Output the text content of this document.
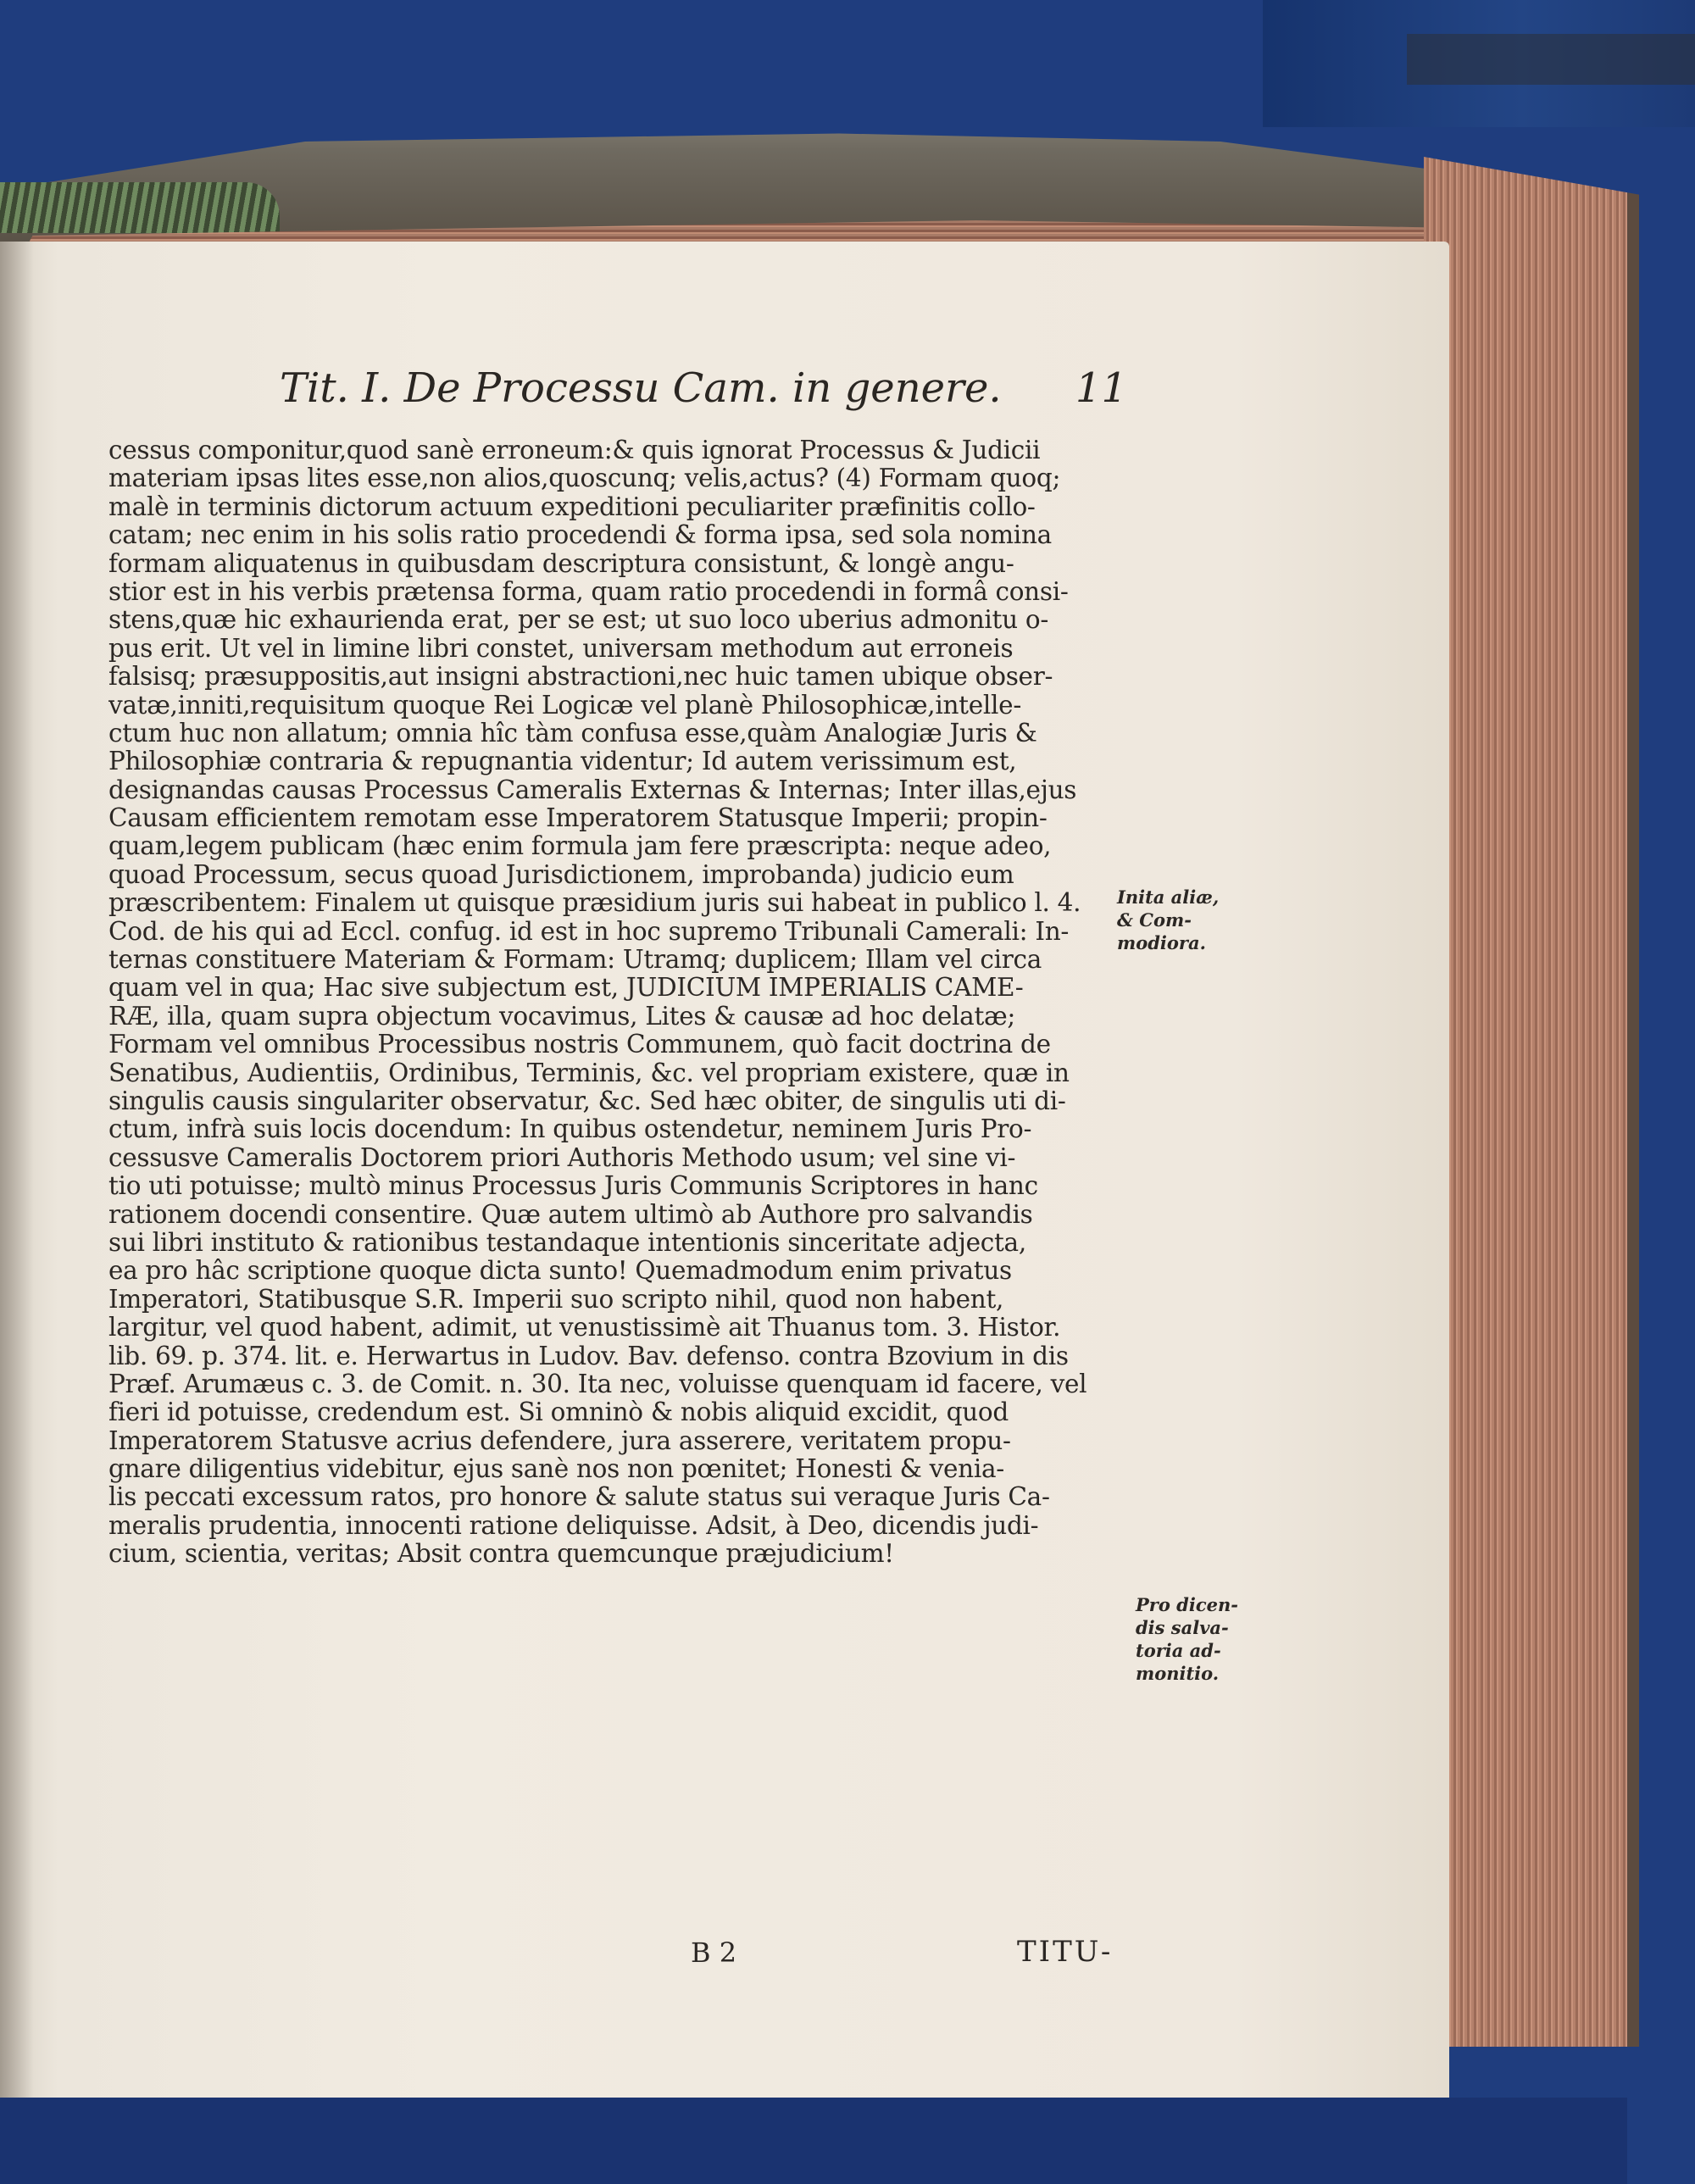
Tit. I. De Processu Cam. in genere. 11
cessus componitur,quod sanè erroneum:& quis ignorat Processus & Judicii
materiam ipsas lites esse,non alios,quoscunq; velis,actus? (4) Formam quoq;
malè in terminis dictorum actuum expeditioni peculiariter præfinitis collo-
catam; nec enim in his solis ratio procedendi & forma ipsa, sed sola nomina
formam aliquatenus in quibusdam descriptura consistunt, & longè angu-
stior est in his verbis prætensa forma, quam ratio procedendi in formâ consi-
stens,quæ hic exhaurienda erat, per se est; ut suo loco uberius admonitu o-
pus erit. Ut vel in limine libri constet, universam methodum aut erroneis
falsisq; præsuppositis,aut insigni abstractioni,nec huic tamen ubique obser-
vatæ,inniti,requisitum quoque Rei Logicæ vel planè Philosophicæ,intelle-
ctum huc non allatum; omnia hîc tàm confusa esse,quàm Analogiæ Juris &
Philosophiæ contraria & repugnantia videntur; Id autem verissimum est,
designandas causas Processus Cameralis Externas & Internas; Inter illas,ejus
Causam efficientem remotam esse Imperatorem Statusque Imperii; propin-
quam,legem publicam (hæc enim formula jam fere præscripta: neque adeo,
quoad Processum, secus quoad Jurisdictionem, improbanda) judicio eum
præscribentem: Finalem ut quisque præsidium juris sui habeat in publico l. 4.
Cod. de his qui ad Eccl. confug. id est in hoc supremo Tribunali Camerali: In-
ternas constituere Materiam & Formam: Utramq; duplicem; Illam vel circa
quam vel in qua; Hac sive subjectum est, JUDICIUM IMPERIALIS CAME-
RÆ, illa, quam supra objectum vocavimus, Lites & causæ ad hoc delatæ;
Formam vel omnibus Processibus nostris Communem, quò facit doctrina de
Senatibus, Audientiis, Ordinibus, Terminis, &c. vel propriam existere, quæ in
singulis causis singulariter observatur, &c. Sed hæc obiter, de singulis uti di-
ctum, infrà suis locis docendum: In quibus ostendetur, neminem Juris Pro-
cessusve Cameralis Doctorem priori Authoris Methodo usum; vel sine vi-
tio uti potuisse; multò minus Processus Juris Communis Scriptores in hanc
rationem docendi consentire. Quæ autem ultimò ab Authore pro salvandis
sui libri instituto & rationibus testandaque intentionis sinceritate adjecta,
ea pro hâc scriptione quoque dicta sunto! Quemadmodum enim privatus
Imperatori, Statibusque S.R. Imperii suo scripto nihil, quod non habent,
largitur, vel quod habent, adimit, ut venustissimè ait Thuanus tom. 3. Histor.
lib. 69. p. 374. lit. e. Herwartus in Ludov. Bav. defenso. contra Bzovium in dis
Præf. Arumæus c. 3. de Comit. n. 30. Ita nec, voluisse quenquam id facere, vel
fieri id potuisse, credendum est. Si omninò & nobis aliquid excidit, quod
Imperatorem Statusve acrius defendere, jura asserere, veritatem propu-
gnare diligentius videbitur, ejus sanè nos non pœnitet; Honesti & venia-
lis peccati excessum ratos, pro honore & salute status sui veraque Juris Ca-
meralis prudentia, innocenti ratione deliquisse. Adsit, à Deo, dicendis judi-
cium, scientia, veritas; Absit contra quemcunque præjudicium!
Inita aliæ,
& Com-
modiora.
Pro dicen-
dis salva-
toria ad-
monitio.
B 2	TITU-
